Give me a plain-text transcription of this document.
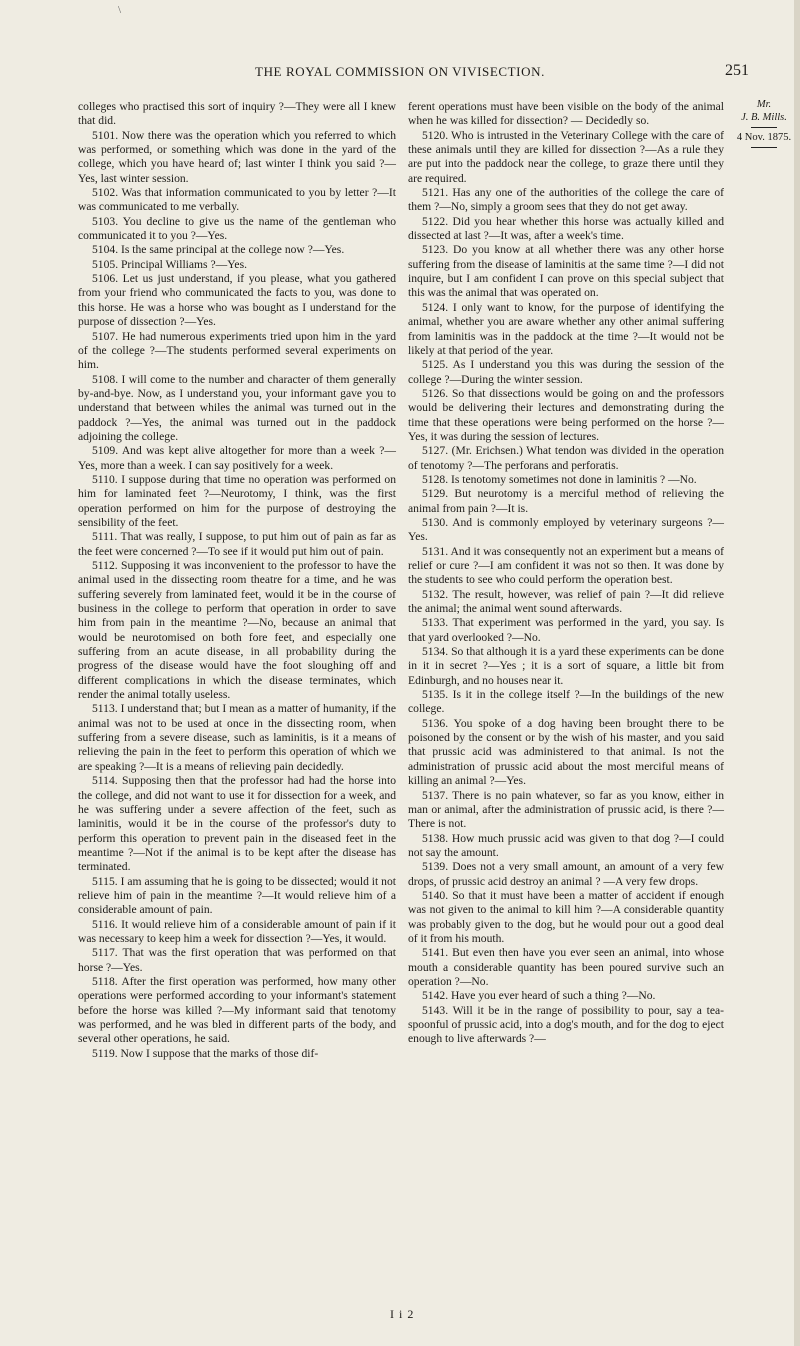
\
THE ROYAL COMMISSION ON VIVISECTION.	251

colleges who practised this sort of inquiry ?—They were all I knew that did.

5101. Now there was the operation which you referred to which was performed, or something which was done in the yard of the college, which you have heard of; last winter I think you said ?—Yes, last winter session.

5102. Was that information communicated to you by letter ?—It was communicated to me verbally.

5103. You decline to give us the name of the gentleman who communicated it to you ?—Yes.

5104. Is the same principal at the college now ?—Yes.

5105. Principal Williams ?—Yes.

5106. Let us just understand, if you please, what you gathered from your friend who communicated the facts to you, was done to this horse. He was a horse who was bought as I understand for the purpose of dissection ?—Yes.

5107. He had numerous experiments tried upon him in the yard of the college ?—The students performed several experiments on him.

5108. I will come to the number and character of them generally by-and-bye. Now, as I understand you, your informant gave you to understand that between whiles the animal was turned out in the paddock ?—Yes, the animal was turned out in the paddock adjoining the college.

5109. And was kept alive altogether for more than a week ?—Yes, more than a week. I can say positively for a week.

5110. I suppose during that time no operation was performed on him for laminated feet ?—Neurotomy, I think, was the first operation performed on him for the purpose of destroying the sensibility of the feet.

5111. That was really, I suppose, to put him out of pain as far as the feet were concerned ?—To see if it would put him out of pain.

5112. Supposing it was inconvenient to the professor to have the animal used in the dissecting room theatre for a time, and he was suffering severely from laminated feet, would it be in the course of business in the college to perform that operation in order to save him from pain in the meantime ?—No, because an animal that would be neurotomised on both fore feet, and especially one suffering from an acute disease, in all probability during the progress of the disease would have the foot sloughing off and different complications in which the disease terminates, which render the animal totally useless.

5113. I understand that; but I mean as a matter of humanity, if the animal was not to be used at once in the dissecting room, when suffering from a severe disease, such as laminitis, is it a means of relieving the pain in the feet to perform this operation of which we are speaking ?—It is a means of relieving pain decidedly.

5114. Supposing then that the professor had had the horse into the college, and did not want to use it for dissection for a week, and he was suffering under a severe affection of the feet, such as laminitis, would it be in the course of the professor's duty to perform this operation to prevent pain in the diseased feet in the meantime ?—Not if the animal is to be kept after the disease has terminated.

5115. I am assuming that he is going to be dissected; would it not relieve him of pain in the meantime ?—It would relieve him of a considerable amount of pain.

5116. It would relieve him of a considerable amount of pain if it was necessary to keep him a week for dissection ?—Yes, it would.

5117. That was the first operation that was performed on that horse ?—Yes.

5118. After the first operation was performed, how many other operations were performed according to your informant's statement before the horse was killed ?—My informant said that tenotomy was performed, and he was bled in different parts of the body, and several other operations, he said.

5119. Now I suppose that the marks of those dif-

ferent operations must have been visible on the body of the animal when he was killed for dissection? — Decidedly so.

5120. Who is intrusted in the Veterinary College with the care of these animals until they are killed for dissection ?—As a rule they are put into the paddock near the college, to graze there until they are required.

5121. Has any one of the authorities of the college the care of them ?—No, simply a groom sees that they do not get away.

5122. Did you hear whether this horse was actually killed and dissected at last ?—It was, after a week's time.

5123. Do you know at all whether there was any other horse suffering from the disease of laminitis at the same time ?—I did not inquire, but I am confident I can prove on this special subject that this was the animal that was operated on.

5124. I only want to know, for the purpose of identifying the animal, whether you are aware whether any other animal suffering from laminitis was in the paddock at the time ?—It would not be likely at that period of the year.

5125. As I understand you this was during the session of the college ?—During the winter session.

5126. So that dissections would be going on and the professors would be delivering their lectures and demonstrating during the time that these operations were being performed on the horse ?—Yes, it was during the session of lectures.

5127. (Mr. Erichsen.) What tendon was divided in the operation of tenotomy ?—The perforans and perforatis.

5128. Is tenotomy sometimes not done in laminitis ? —No.

5129. But neurotomy is a merciful method of relieving the animal from pain ?—It is.

5130. And is commonly employed by veterinary surgeons ?—Yes.

5131. And it was consequently not an experiment but a means of relief or cure ?—I am confident it was not so then. It was done by the students to see who could perform the operation best.

5132. The result, however, was relief of pain ?—It did relieve the animal; the animal went sound afterwards.

5133. That experiment was performed in the yard, you say. Is that yard overlooked ?—No.

5134. So that although it is a yard these experiments can be done in it in secret ?—Yes ; it is a sort of square, a little bit from Edinburgh, and no houses near it.

5135. Is it in the college itself ?—In the buildings of the new college.

5136. You spoke of a dog having been brought there to be poisoned by the consent or by the wish of his master, and you said that prussic acid was administered to that animal. Is not the administration of prussic acid about the most merciful means of killing an animal ?—Yes.

5137. There is no pain whatever, so far as you know, either in man or animal, after the administration of prussic acid, is there ?—There is not.

5138. How much prussic acid was given to that dog ?—I could not say the amount.

5139. Does not a very small amount, an amount of a very few drops, of prussic acid destroy an animal ? —A very few drops.

5140. So that it must have been a matter of accident if enough was not given to the animal to kill him ?—A considerable quantity was probably given to the dog, but he would pour out a good deal of it from his mouth.

5141. But even then have you ever seen an animal, into whose mouth a considerable quantity has been poured survive such an operation ?—No.

5142. Have you ever heard of such a thing ?—No.

5143. Will it be in the range of possibility to pour, say a tea-spoonful of prussic acid, into a dog's mouth, and for the dog to eject enough to live afterwards ?—

Mr.
J. B. Mills.
4 Nov. 1875.
I i 2
